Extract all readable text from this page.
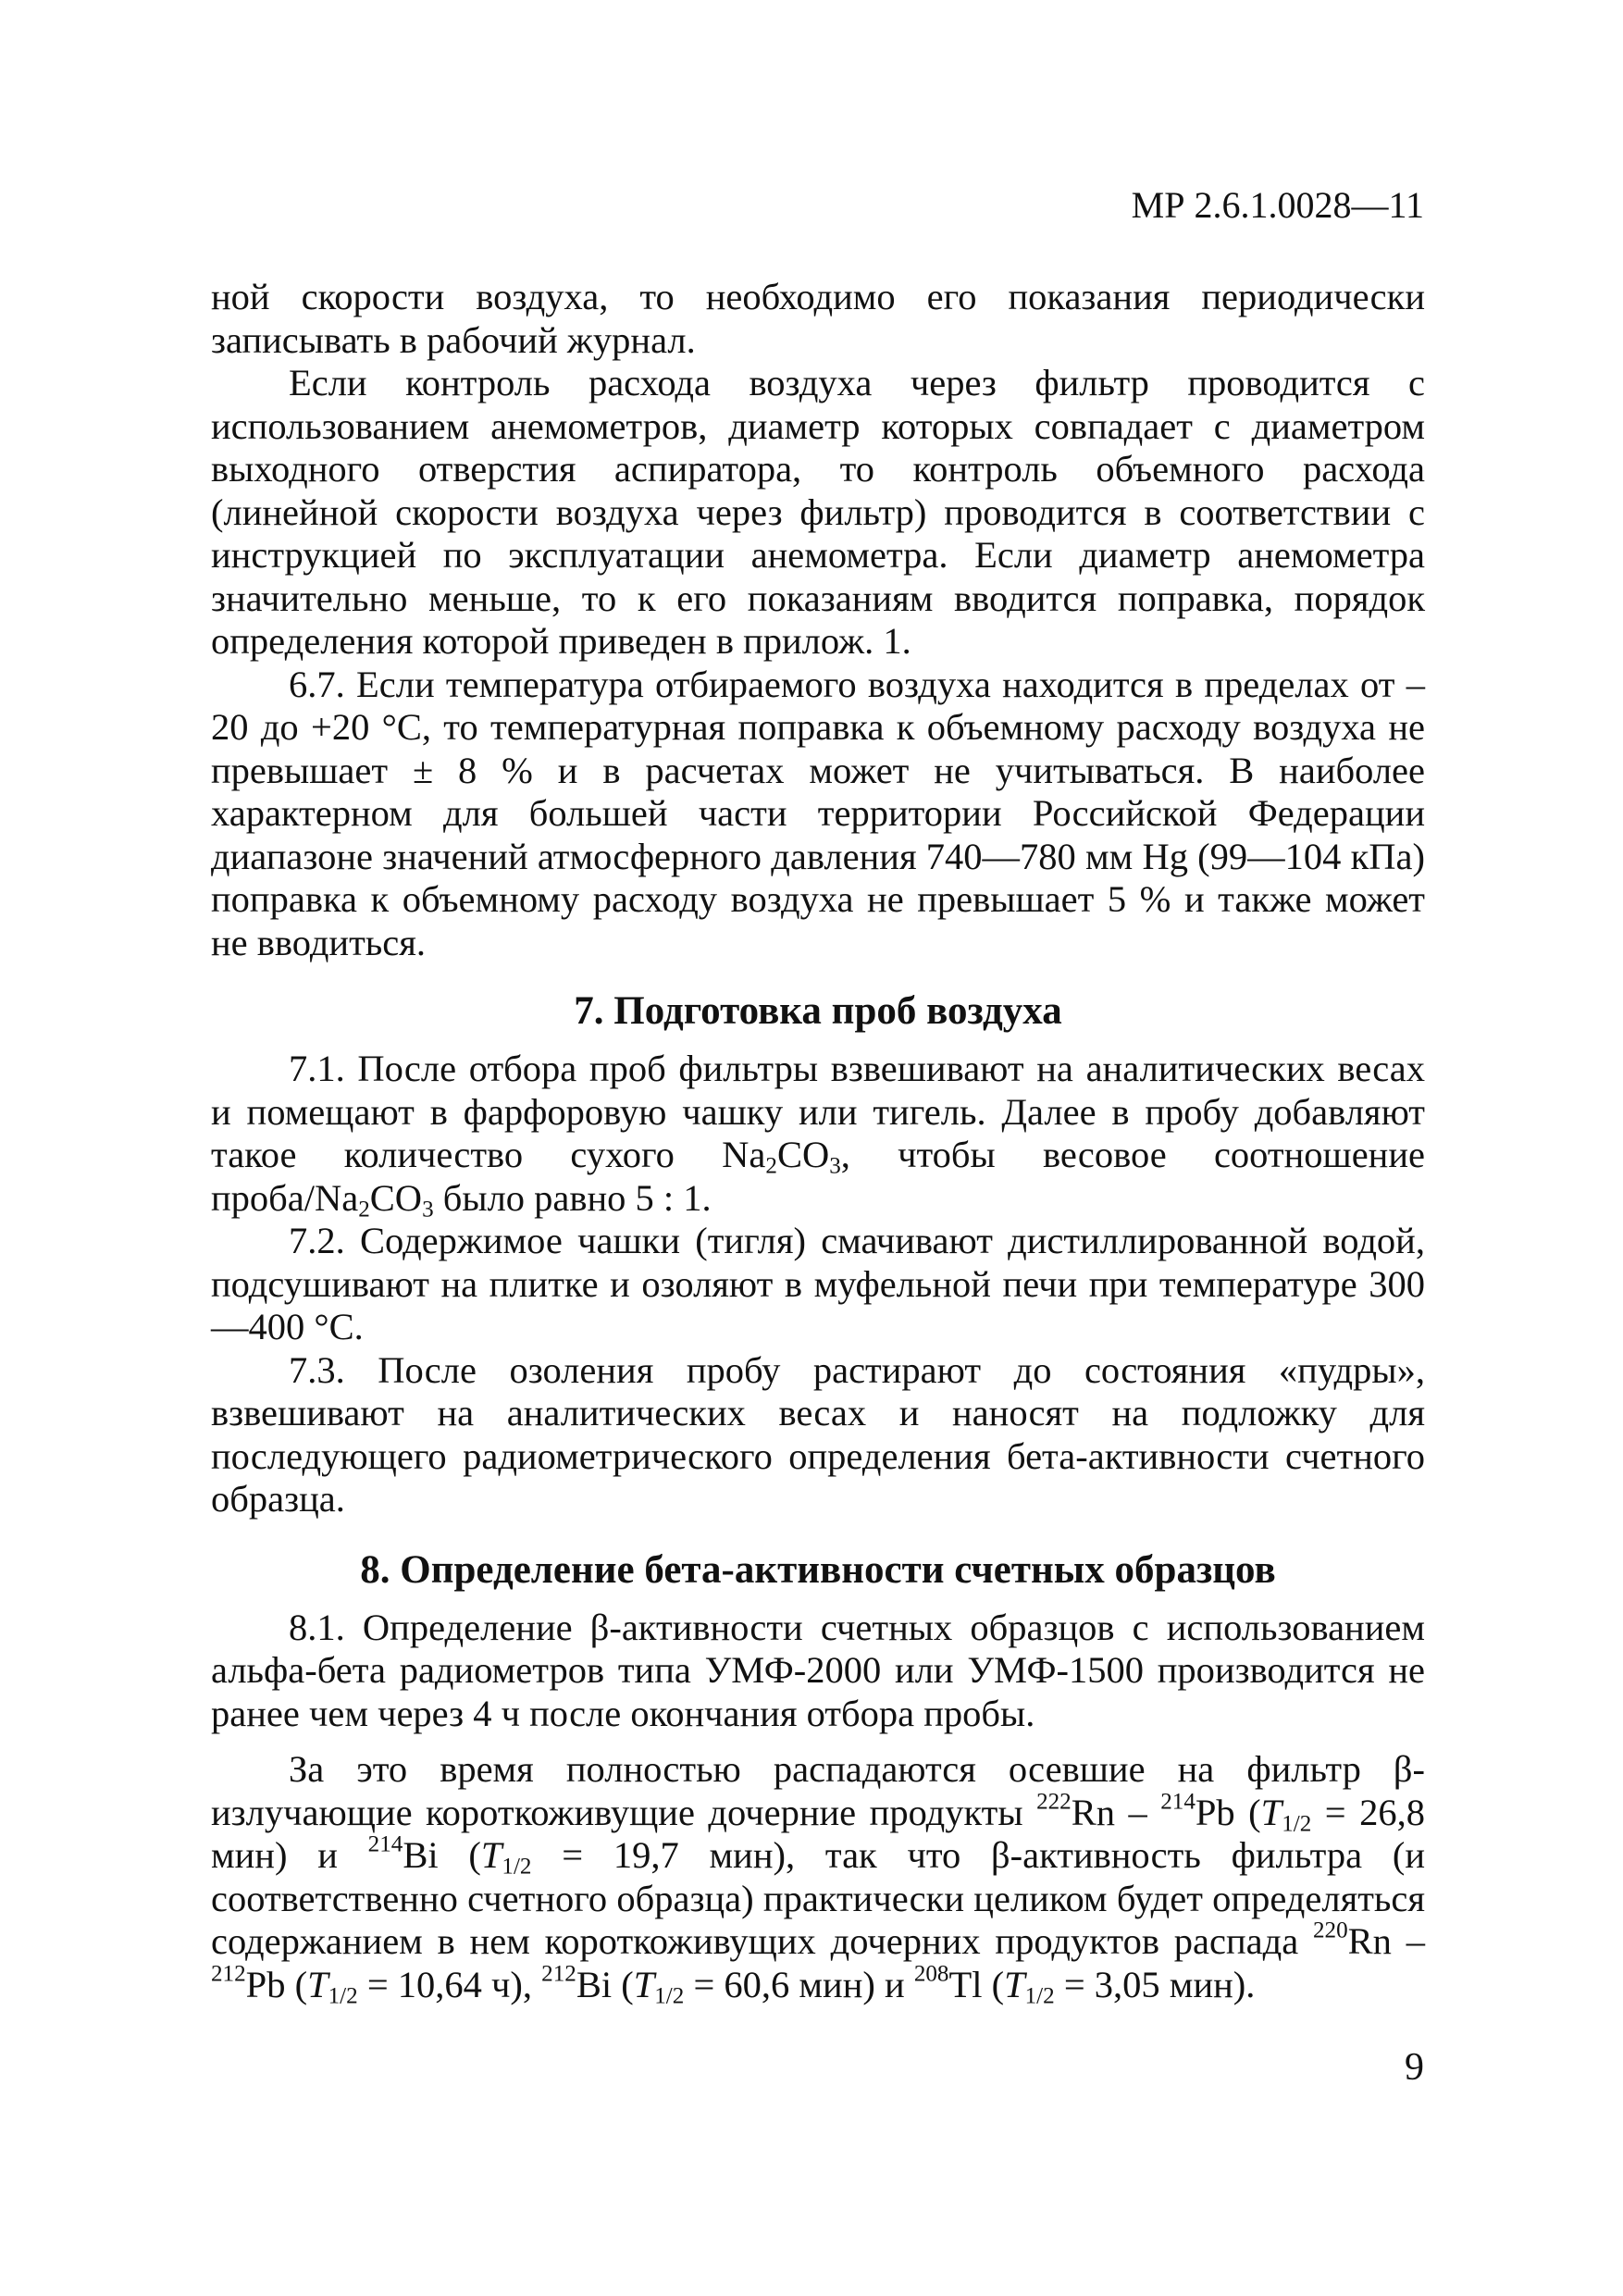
МР 2.6.1.0028—11

ной скорости воздуха, то необходимо его показания периодически записывать в рабочий журнал.

Если контроль расхода воздуха через фильтр проводится с использованием анемометров, диаметр которых совпадает с диаметром выходного отверстия аспиратора, то контроль объемного расхода (линейной скорости воздуха через фильтр) проводится в соответствии с инструкцией по эксплуатации анемометра. Если диаметр анемометра значительно меньше, то к его показаниям вводится поправка, порядок определения которой приведен в прилож. 1.

6.7. Если температура отбираемого воздуха находится в пределах от –20 до +20 °С, то температурная поправка к объемному расходу воздуха не превышает ± 8 % и в расчетах может не учитываться. В наиболее характерном для большей части территории Российской Федерации диапазоне значений атмосферного давления 740—780 мм Hg (99—104 кПа) поправка к объемному расходу воздуха не превышает 5 % и также может не вводиться.

7. Подготовка проб воздуха

7.1. После отбора проб фильтры взвешивают на аналитических весах и помещают в фарфоровую чашку или тигель. Далее в пробу добавляют такое количество сухого $Na_2CO_3$, чтобы весовое соотношение проба/$Na_2CO_3$ было равно 5 : 1.

7.2. Содержимое чашки (тигля) смачивают дистиллированной водой, подсушивают на плитке и озоляют в муфельной печи при температуре 300—400 °С.

7.3. После озоления пробу растирают до состояния «пудры», взвешивают на аналитических весах и наносят на подложку для последующего радиометрического определения бета-активности счетного образца.

8. Определение бета-активности счетных образцов

8.1. Определение β-активности счетных образцов с использованием альфа-бета радиометров типа УМФ-2000 или УМФ-1500 производится не ранее чем через 4 ч после окончания отбора пробы.

За это время полностью распадаются осевшие на фильтр β-излучающие короткоживущие дочерние продукты $^{222}$Rn – $^{214}$Pb ($T_{1/2} = 26,8$ мин) и $^{214}$Bi ($T_{1/2} = 19,7$ мин), так что β-активность фильтра (и соответственно счетного образца) практически целиком будет определяться содержанием в нем короткоживущих дочерних продуктов распада $^{220}$Rn – $^{212}$Pb ($T_{1/2} = 10,64$ ч), $^{212}$Bi ($T_{1/2} = 60,6$ мин) и $^{208}$Tl ($T_{1/2} = 3,05$ мин).

9
